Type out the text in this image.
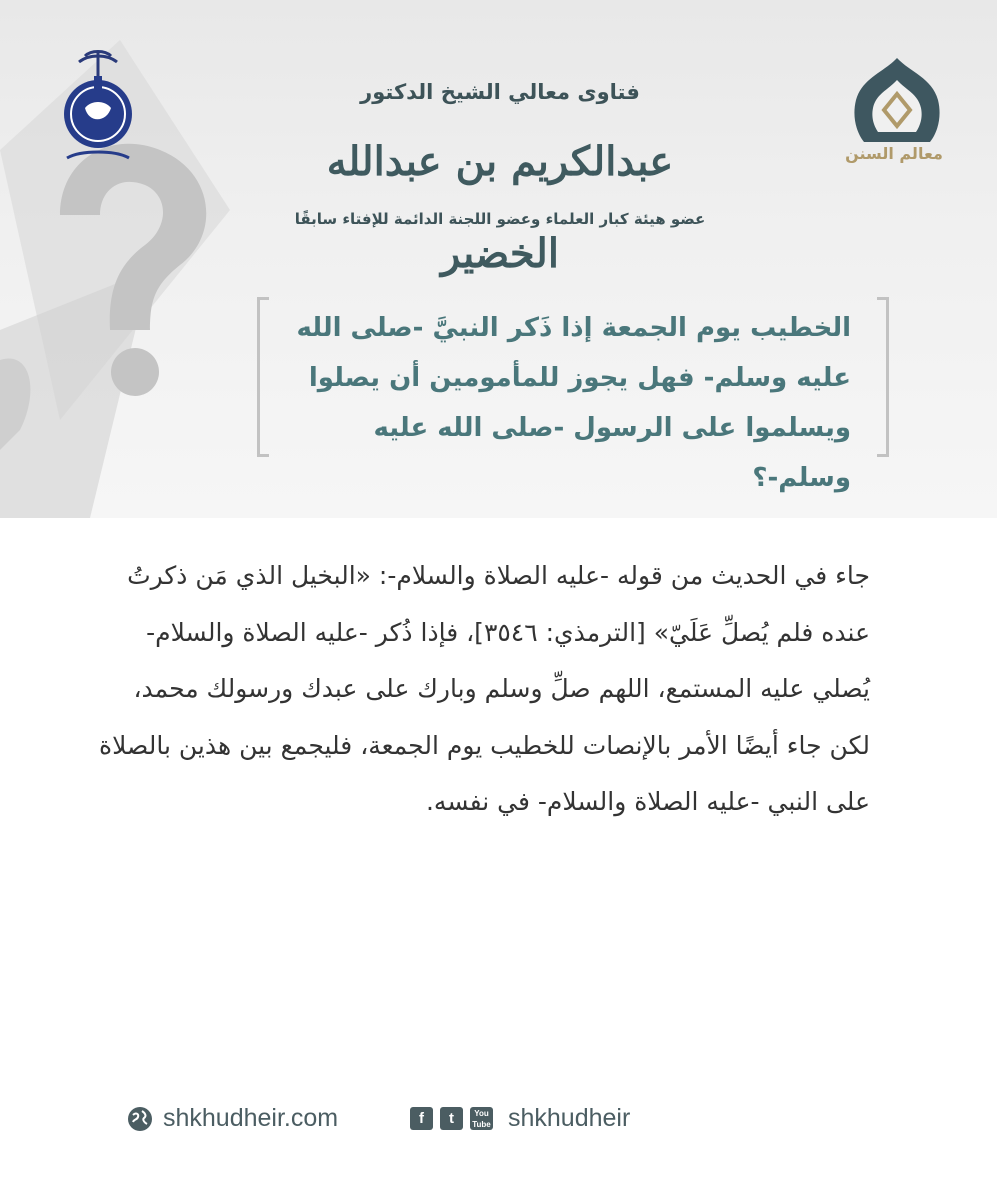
فتاوى معالي الشيخ الدكتور
عبدالكريم بن عبدالله الخضير
عضو هيئة كبار العلماء وعضو اللجنة الدائمة للإفتاء سابقًا
معالم السنن
الخطيب يوم الجمعة إذا ذَكر النبيَّ -صلى الله عليه وسلم- فهل يجوز للمأمومين أن يصلوا ويسلموا على الرسول -صلى الله عليه وسلم-؟
جاء في الحديث من قوله -عليه الصلاة والسلام-: «البخيل الذي مَن ذكرتُ عنده فلم يُصلِّ عَلَيّ» [الترمذي: ٣٥٤٦]، فإذا ذُكر -عليه الصلاة والسلام- يُصلي عليه المستمع، اللهم صلِّ وسلم وبارك على عبدك ورسولك محمد، لكن جاء أيضًا الأمر بالإنصات للخطيب يوم الجمعة، فليجمع بين هذين بالصلاة على النبي -عليه الصلاة والسلام- في نفسه.
shkhudheir.com	f	t	You
Tube shkhudheir
